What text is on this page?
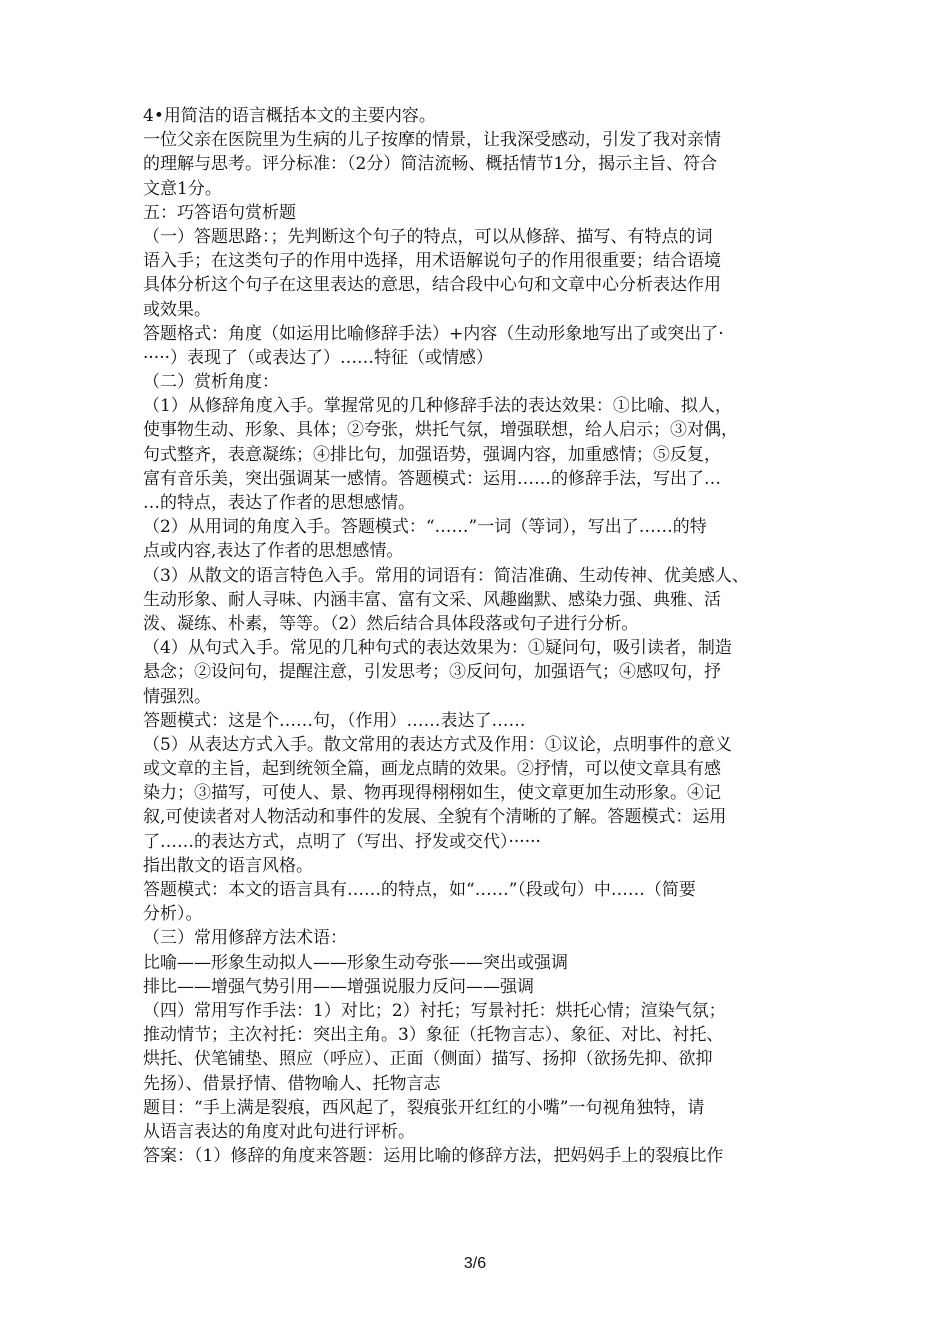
4•用简洁的语言概括本文的主要内容。
一位父亲在医院里为生病的儿子按摩的情景，让我深受感动，引发了我对亲情
的理解与思考。评分标准：（2分）简洁流畅、概括情节1分，揭示主旨、符合
文意1分。
五：巧答语句赏析题
（一）答题思路：；先判断这个句子的特点，可以从修辞、描写、有特点的词
语入手；在这类句子的作用中选择，用术语解说句子的作用很重要；结合语境
具体分析这个句子在这里表达的意思，结合段中心句和文章中心分析表达作用
或效果。
答题格式：角度（如运用比喻修辞手法）+内容（生动形象地写出了或突出了·
·····）表现了（或表达了）……特征（或情感）
（二）赏析角度：
（1）从修辞角度入手。掌握常见的几种修辞手法的表达效果：①比喻、拟人，
使事物生动、形象、具体；②夸张，烘托气氛，增强联想，给人启示；③对偶，
句式整齐，表意凝练；④排比句，加强语势，强调内容，加重感情；⑤反复，
富有音乐美，突出强调某一感情。答题模式：运用……的修辞手法，写出了…
…的特点，表达了作者的思想感情。
（2）从用词的角度入手。答题模式：“……”一词（等词），写出了……的特
点或内容,表达了作者的思想感情。
（3）从散文的语言特色入手。常用的词语有：简洁准确、生动传神、优美感人、
生动形象、耐人寻味、内涵丰富、富有文采、风趣幽默、感染力强、典雅、活
泼、凝练、朴素，等等。（2）然后结合具体段落或句子进行分析。
（4）从句式入手。常见的几种句式的表达效果为：①疑问句，吸引读者，制造
悬念；②设问句，提醒注意，引发思考；③反问句，加强语气；④感叹句，抒
情强烈。
答题模式：这是个……句，（作用）……表达了……
（5）从表达方式入手。散文常用的表达方式及作用：①议论，点明事件的意义
或文章的主旨，起到统领全篇，画龙点睛的效果。②抒情，可以使文章具有感
染力；③描写，可使人、景、物再现得栩栩如生，使文章更加生动形象。④记
叙,可使读者对人物活动和事件的发展、全貌有个清晰的了解。答题模式：运用
了……的表达方式，点明了（写出、抒发或交代）······
指出散文的语言风格。
答题模式：本文的语言具有……的特点，如“……”（段或句）中……（简要
分析）。
（三）常用修辞方法术语：
比喻——形象生动拟人——形象生动夸张——突出或强调
排比——增强气势引用——增强说服力反问——强调
（四）常用写作手法：1）对比；2）衬托；写景衬托：烘托心情；渲染气氛；
推动情节；主次衬托：突出主角。3）象征（托物言志）、象征、对比、衬托、
烘托、伏笔铺垫、照应（呼应）、正面（侧面）描写、扬抑（欲扬先抑、欲抑
先扬）、借景抒情、借物喻人、托物言志
题目：“手上满是裂痕，西风起了，裂痕张开红红的小嘴”一句视角独特，请
从语言表达的角度对此句进行评析。
答案：（1）修辞的角度来答题：运用比喻的修辞方法，把妈妈手上的裂痕比作
3/6
